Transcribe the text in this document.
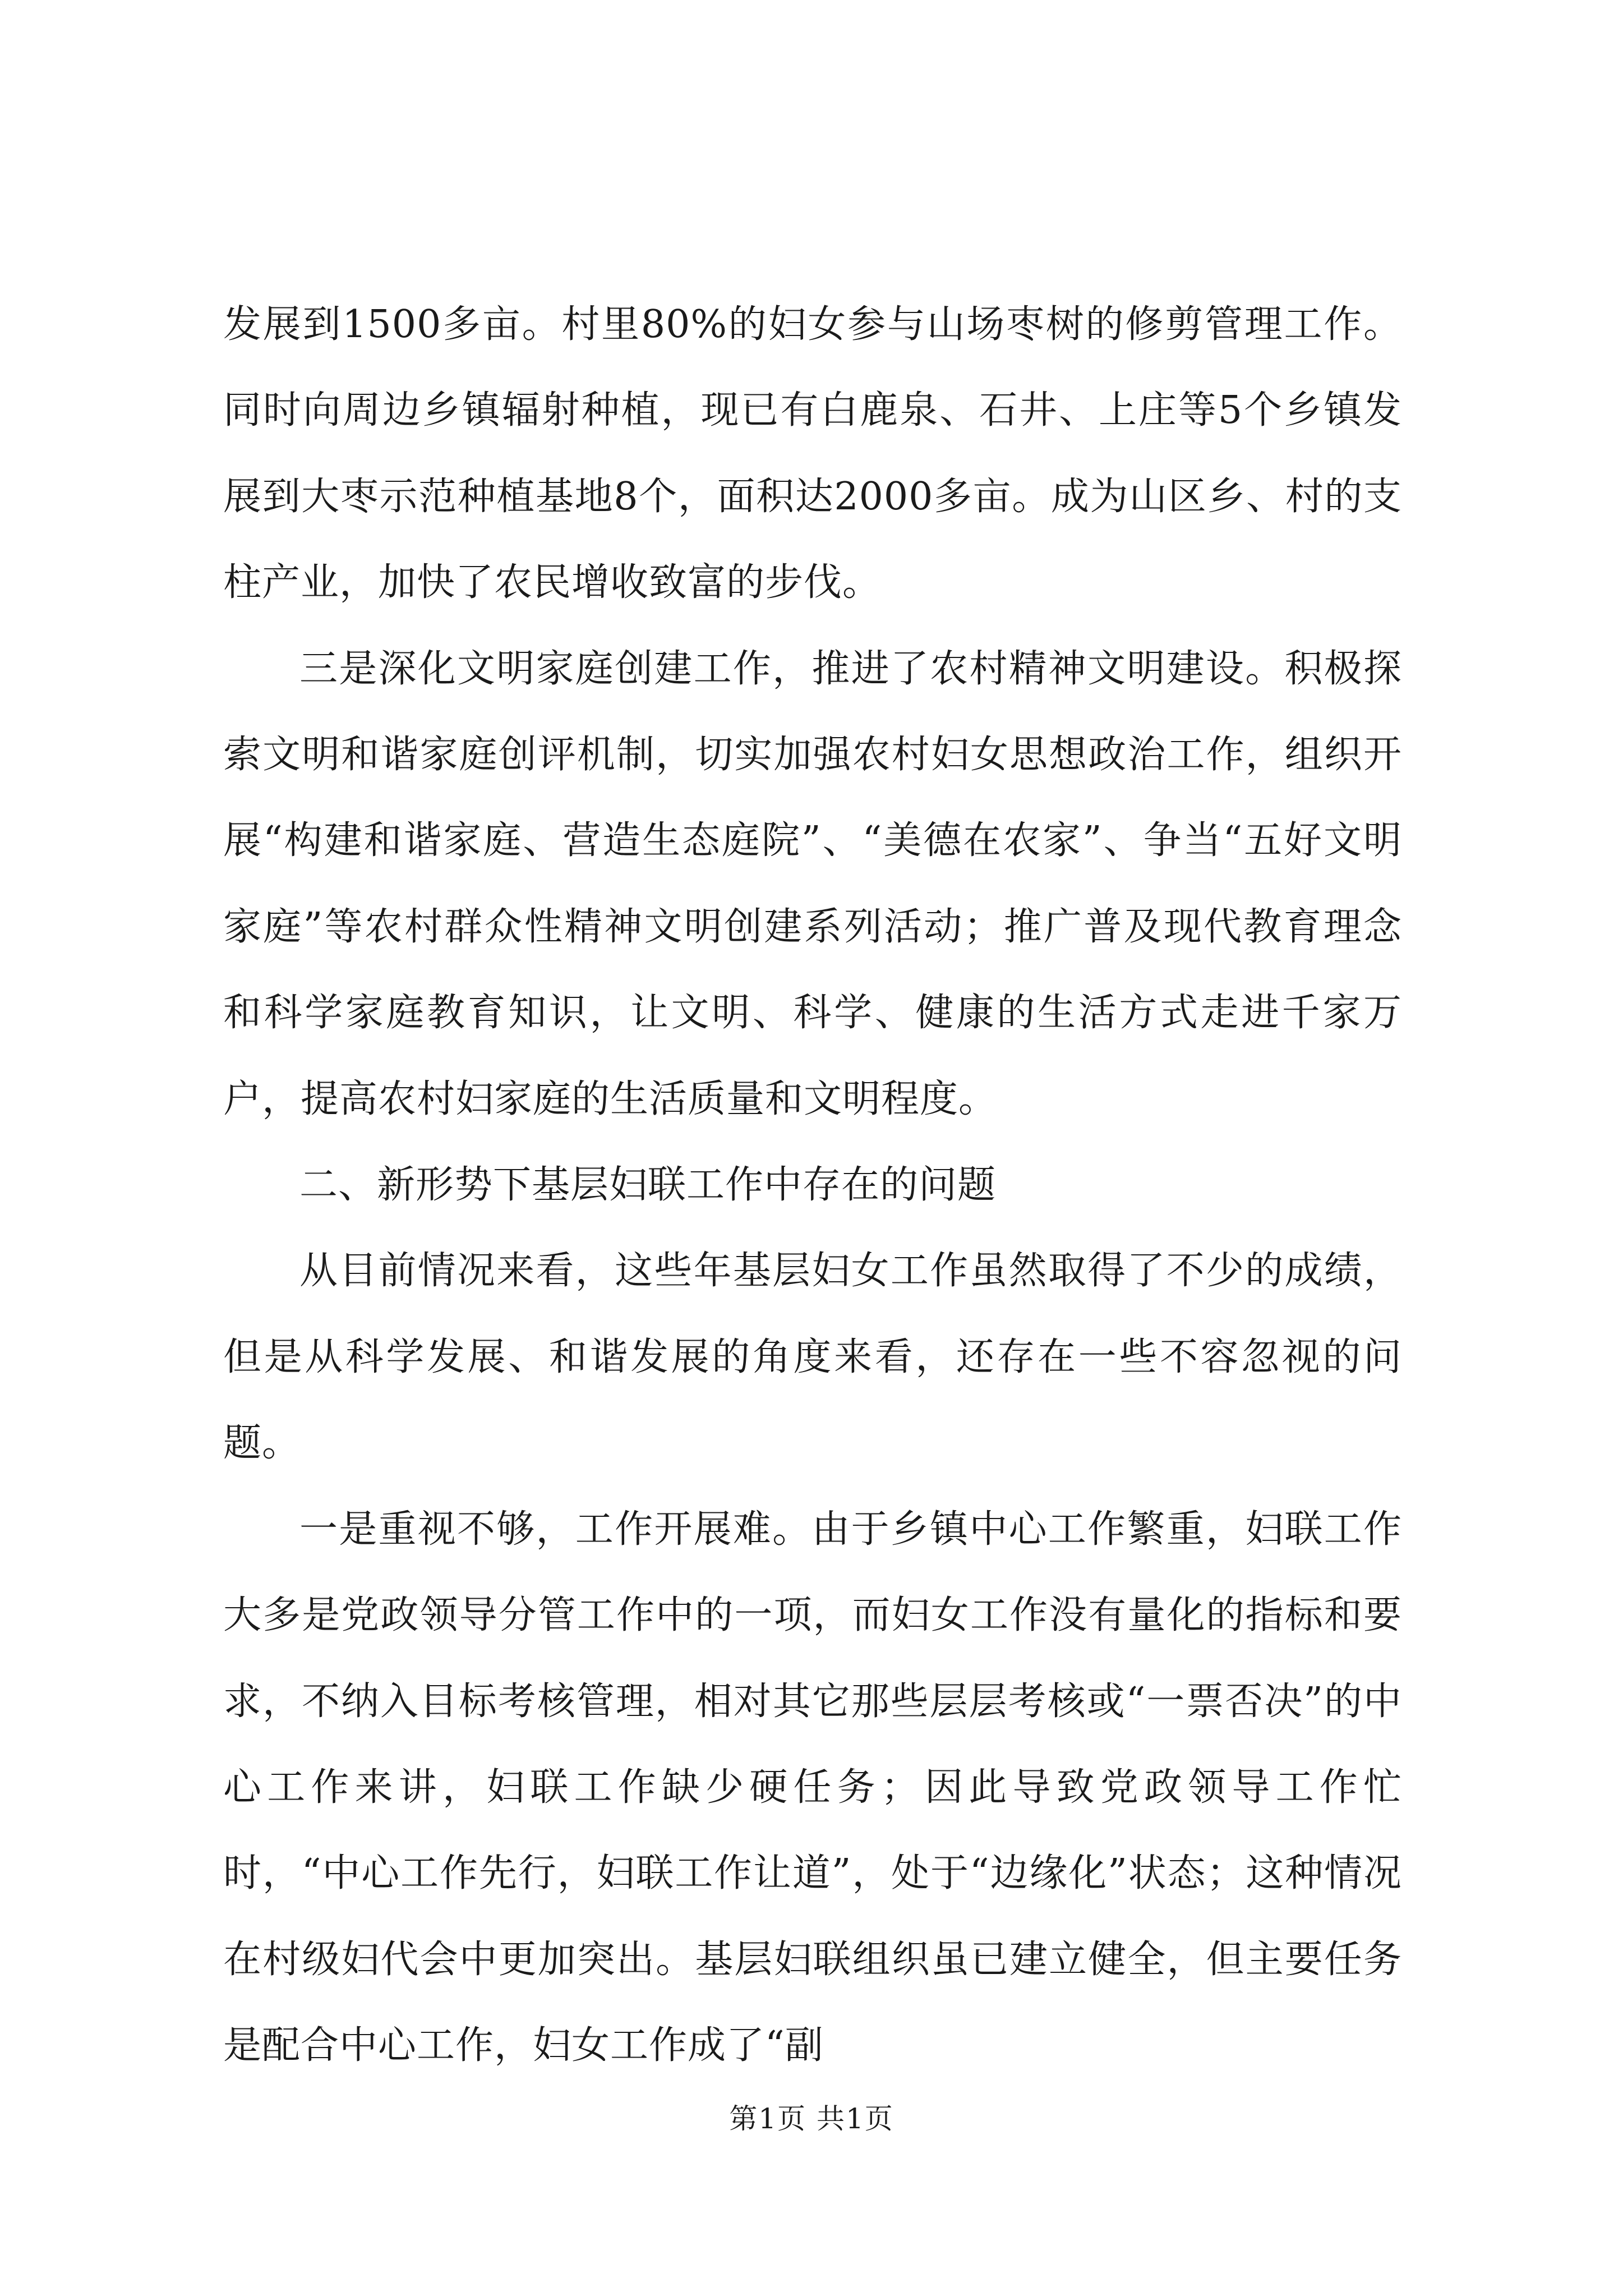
发展到1500多亩。村里80%的妇女参与山场枣树的修剪管理工作。同时向周边乡镇辐射种植，现已有白鹿泉、石井、上庄等5个乡镇发展到大枣示范种植基地8个，面积达2000多亩。成为山区乡、村的支柱产业，加快了农民增收致富的步伐。

三是深化文明家庭创建工作，推进了农村精神文明建设。积极探索文明和谐家庭创评机制，切实加强农村妇女思想政治工作，组织开展“构建和谐家庭、营造生态庭院”、“美德在农家”、争当“五好文明家庭”等农村群众性精神文明创建系列活动；推广普及现代教育理念和科学家庭教育知识，让文明、科学、健康的生活方式走进千家万户，提高农村妇家庭的生活质量和文明程度。

二、新形势下基层妇联工作中存在的问题

从目前情况来看，这些年基层妇女工作虽然取得了不少的成绩，但是从科学发展、和谐发展的角度来看，还存在一些不容忽视的问题。

一是重视不够，工作开展难。由于乡镇中心工作繁重，妇联工作大多是党政领导分管工作中的一项，而妇女工作没有量化的指标和要求，不纳入目标考核管理，相对其它那些层层考核或“一票否决”的中心工作来讲，妇联工作缺少硬任务；因此导致党政领导工作忙时，“中心工作先行，妇联工作让道”，处于“边缘化”状态；这种情况在村级妇代会中更加突出。基层妇联组织虽已建立健全，但主要任务是配合中心工作，妇女工作成了“副

第1页 共1页
